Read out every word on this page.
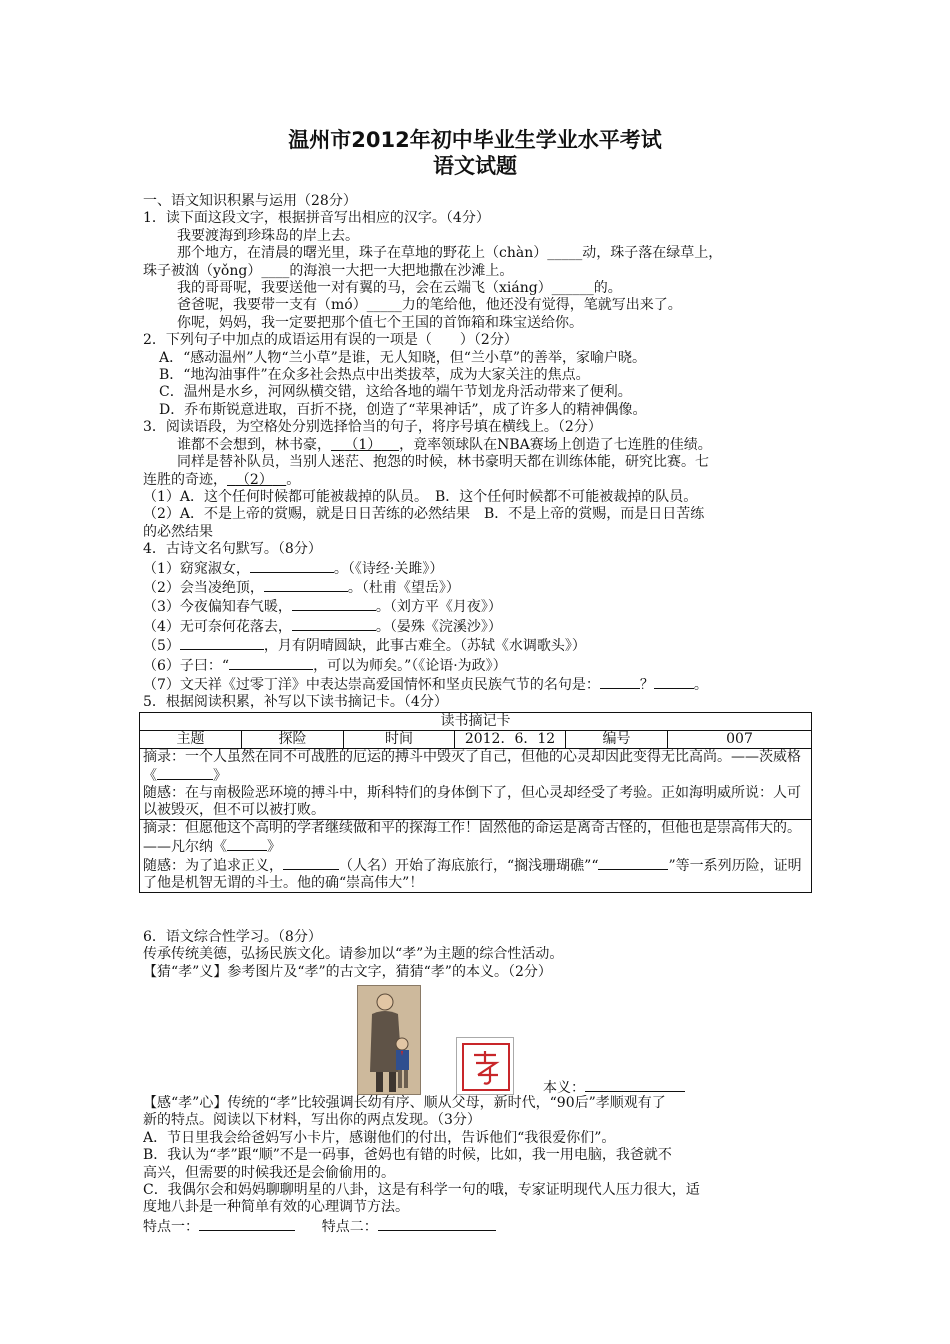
温州市2012年初中毕业生学业水平考试
语文试题
一、语文知识积累与运用（28分）
1．读下面这段文字，根据拼音写出相应的汉字。（4分）
我要渡海到珍珠岛的岸上去。
那个地方，在清晨的曙光里，珠子在草地的野花上（chàn）_____动，珠子落在绿草上，
珠子被汹（yǒng）____的海浪一大把一大把地撒在沙滩上。
我的哥哥呢，我要送他一对有翼的马，会在云端飞（xiáng）______的。
爸爸呢，我要带一支有（mó）_____力的笔给他，他还没有觉得，笔就写出来了。
你呢，妈妈，我一定要把那个值七个王国的首饰箱和珠宝送给你。
2．下列句子中加点的成语运用有误的一项是（　　）（2分）
A．“感动温州”人物“兰小草”是谁，无人知晓，但“兰小草”的善举，家喻户晓。
B．“地沟油事件”在众多社会热点中出类拔萃，成为大家关注的焦点。
C．温州是水乡，河网纵横交错，这给各地的端午节划龙舟活动带来了便利。
D．乔布斯锐意进取，百折不挠，创造了“苹果神话”，成了许多人的精神偶像。
3．阅读语段，为空格处分别选择恰当的句子，将序号填在横线上。（2分）
谁都不会想到，林书豪， （1） ，竟率领球队在NBA赛场上创造了七连胜的佳绩。
同样是替补队员，当别人迷茫、抱怨的时候，林书豪明天都在训练体能，研究比赛。七
连胜的奇迹， （2） 。
（1）A．这个任何时候都可能被裁掉的队员。　B．这个任何时候都不可能被裁掉的队员。
（2）A．不是上帝的赏赐，就是日日苦练的必然结果　B．不是上帝的赏赐，而是日日苦练
的必然结果
4．古诗文名句默写。（8分）
（1）窈窕淑女，	。（《诗经·关雎》）
（2）会当凌绝顶，	。（杜甫《望岳》）
（3）今夜偏知春气暖，	。（刘方平《月夜》）
（4）无可奈何花落去，	。（晏殊《浣溪沙》）
（5）	，月有阴晴圆缺，此事古难全。（苏轼《水调歌头》）
（6）子曰：“	，可以为师矣。”（《论语·为政》）
（7）文天祥《过零丁洋》中表达崇高爱国情怀和坚贞民族气节的名句是：	？	。
5．根据阅读积累，补写以下读书摘记卡。（4分）
读书摘记卡
主题	探险	时间	2012．6．12	编号	007

摘录：一个人虽然在同不可战胜的厄运的搏斗中毁灭了自己，但他的心灵却因此变得无比高尚。——茨威格《	》
随感：在与南极险恶环境的搏斗中，斯科特们的身体倒下了，但心灵却经受了考验。正如海明威所说：人可以被毁灭，但不可以被打败。

摘录：但愿他这个高明的学者继续做和平的探海工作！固然他的命运是离奇古怪的，但他也是崇高伟大的。——凡尔纳《	》
随感：为了追求正义，	（人名）开始了海底旅行，“搁浅珊瑚礁”“	”等一系列历险，证明了他是机智无谓的斗士。他的确“崇高伟大”！
6．语文综合性学习。（8分）
传承传统美德，弘扬民族文化。请参加以“孝”为主题的综合性活动。
【猜“孝”义】参考图片及“孝”的古文字，猜猜“孝”的本义。（2分）
本义：
【感“孝”心】传统的“孝”比较强调长幼有序、顺从父母，新时代，“90后”孝顺观有了
新的特点。阅读以下材料，写出你的两点发现。（3分）
A．节日里我会给爸妈写小卡片，感谢他们的付出，告诉他们“我很爱你们”。
B．我认为“孝”跟“顺”不是一码事，爸妈也有错的时候，比如，我一用电脑，我爸就不
高兴，但需要的时候我还是会偷偷用的。
C．我偶尔会和妈妈聊聊明星的八卦，这是有科学一句的哦，专家证明现代人压力很大，适
度地八卦是一种简单有效的心理调节方法。
特点一：	特点二：
